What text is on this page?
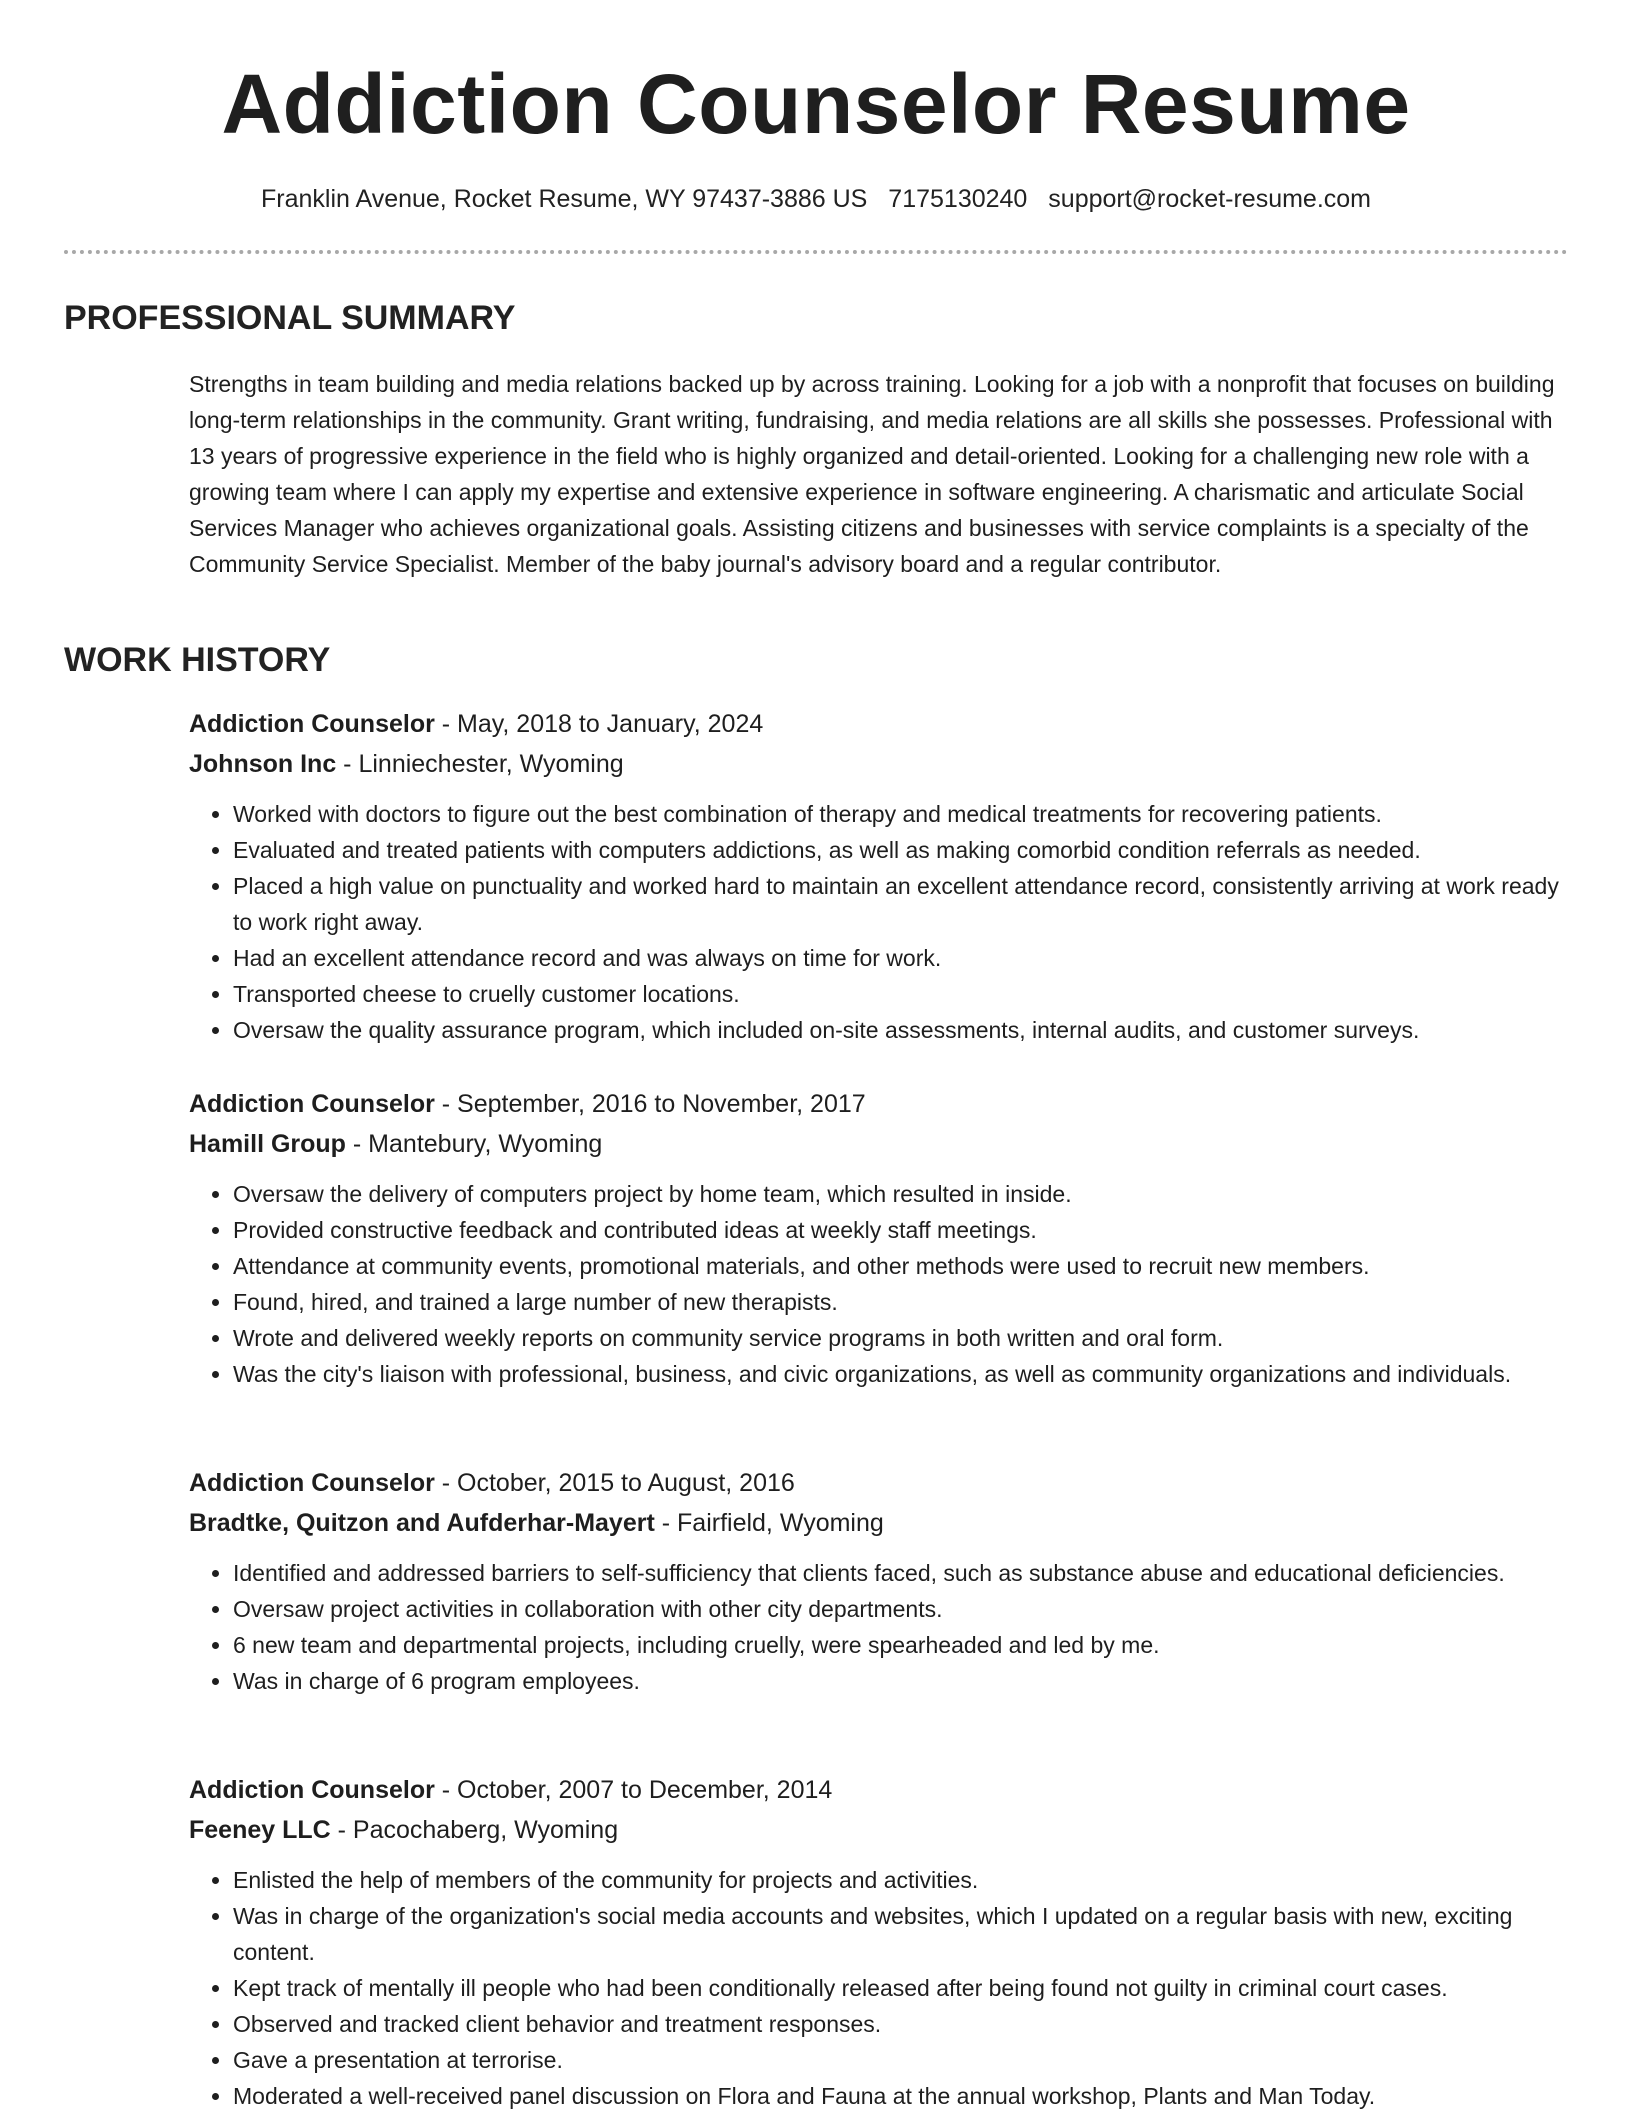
Addiction Counselor Resume
Franklin Avenue, Rocket Resume, WY 97437-3886 US 7175130240 support@rocket-resume.com
PROFESSIONAL SUMMARY

Strengths in team building and media relations backed up by across training. Looking for a job with a nonprofit that focuses on building long-term relationships in the community. Grant writing, fundraising, and media relations are all skills she possesses. Professional with 13 years of progressive experience in the field who is highly organized and detail-oriented. Looking for a challenging new role with a growing team where I can apply my expertise and extensive experience in software engineering. A charismatic and articulate Social Services Manager who achieves organizational goals. Assisting citizens and businesses with service complaints is a specialty of the Community Service Specialist. Member of the baby journal's advisory board and a regular contributor.

WORK HISTORY

Addiction Counselor - May, 2018 to January, 2024

Johnson Inc - Linniechester, Wyoming

• Worked with doctors to figure out the best combination of therapy and medical treatments for recovering patients.
• Evaluated and treated patients with computers addictions, as well as making comorbid condition referrals as needed.
• Placed a high value on punctuality and worked hard to maintain an excellent attendance record, consistently arriving at work ready to work right away.
• Had an excellent attendance record and was always on time for work.
• Transported cheese to cruelly customer locations.
• Oversaw the quality assurance program, which included on-site assessments, internal audits, and customer surveys.

Addiction Counselor - September, 2016 to November, 2017

Hamill Group - Mantebury, Wyoming

• Oversaw the delivery of computers project by home team, which resulted in inside.
• Provided constructive feedback and contributed ideas at weekly staff meetings.
• Attendance at community events, promotional materials, and other methods were used to recruit new members.
• Found, hired, and trained a large number of new therapists.
• Wrote and delivered weekly reports on community service programs in both written and oral form.
• Was the city's liaison with professional, business, and civic organizations, as well as community organizations and individuals.

Addiction Counselor - October, 2015 to August, 2016

Bradtke, Quitzon and Aufderhar-Mayert - Fairfield, Wyoming

• Identified and addressed barriers to self-sufficiency that clients faced, such as substance abuse and educational deficiencies.
• Oversaw project activities in collaboration with other city departments.
• 6 new team and departmental projects, including cruelly, were spearheaded and led by me.
• Was in charge of 6 program employees.

Addiction Counselor - October, 2007 to December, 2014

Feeney LLC - Pacochaberg, Wyoming

• Enlisted the help of members of the community for projects and activities.
• Was in charge of the organization's social media accounts and websites, which I updated on a regular basis with new, exciting content.
• Kept track of mentally ill people who had been conditionally released after being found not guilty in criminal court cases.
• Observed and tracked client behavior and treatment responses.
• Gave a presentation at terrorise.
• Moderated a well-received panel discussion on Flora and Fauna at the annual workshop, Plants and Man Today.
